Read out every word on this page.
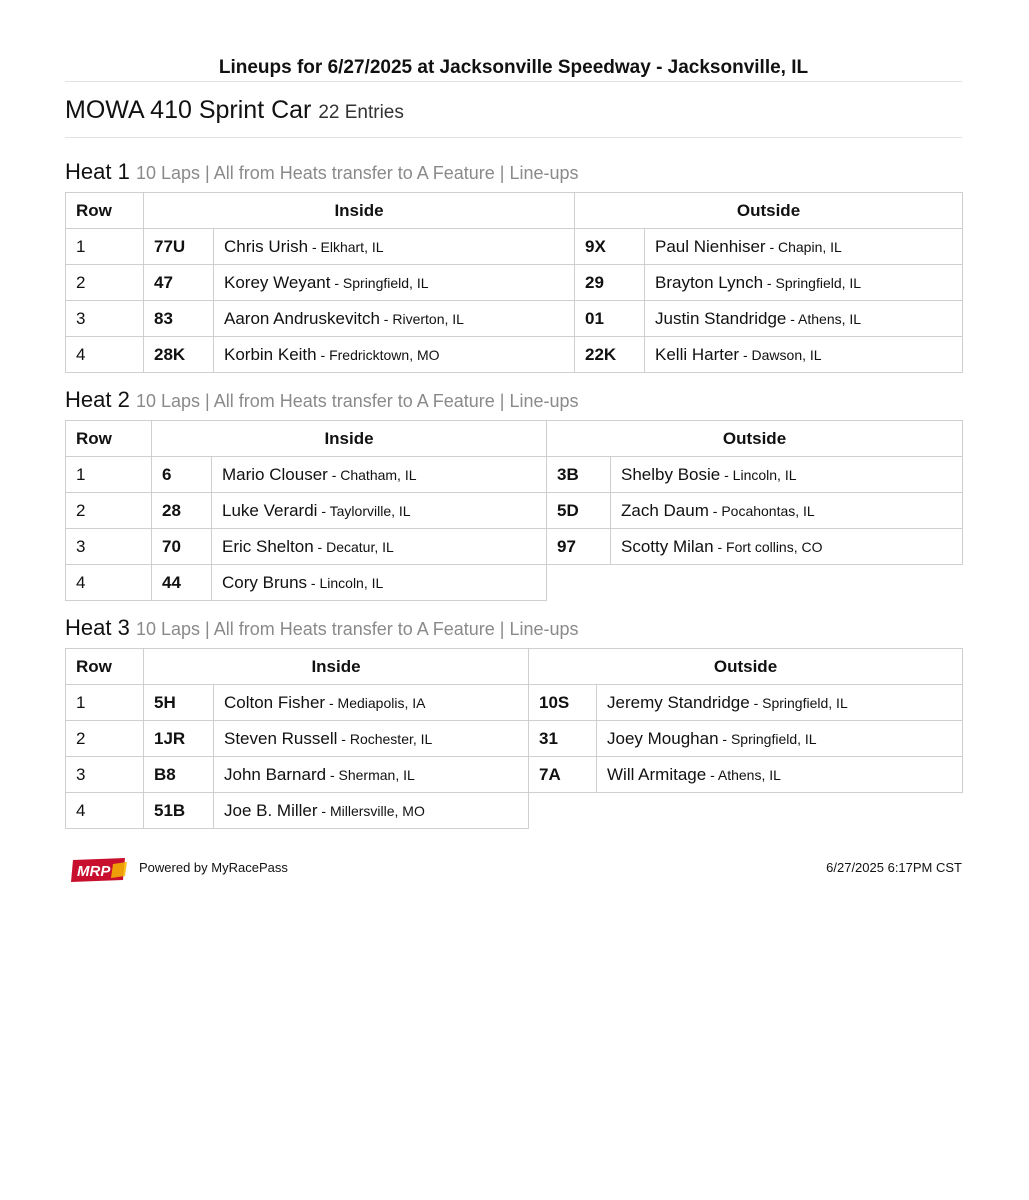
Lineups for 6/27/2025 at Jacksonville Speedway - Jacksonville, IL
MOWA 410 Sprint Car 22 Entries
Heat 1 10 Laps | All from Heats transfer to A Feature | Line-ups
Row	Inside		Outside	
1	77U	Chris Urish - Elkhart, IL	9X	Paul Nienhiser - Chapin, IL
2	47	Korey Weyant - Springfield, IL	29	Brayton Lynch - Springfield, IL
3	83	Aaron Andruskevitch - Riverton, IL	01	Justin Standridge - Athens, IL
4	28K	Korbin Keith - Fredricktown, MO	22K	Kelli Harter - Dawson, IL
Heat 2 10 Laps | All from Heats transfer to A Feature | Line-ups
Row	Inside		Outside	
1	6	Mario Clouser - Chatham, IL	3B	Shelby Bosie - Lincoln, IL
2	28	Luke Verardi - Taylorville, IL	5D	Zach Daum - Pocahontas, IL
3	70	Eric Shelton - Decatur, IL	97	Scotty Milan - Fort collins, CO
4	44	Cory Bruns - Lincoln, IL		
Heat 3 10 Laps | All from Heats transfer to A Feature | Line-ups
Row	Inside		Outside	
1	5H	Colton Fisher - Mediapolis, IA	10S	Jeremy Standridge - Springfield, IL
2	1JR	Steven Russell - Rochester, IL	31	Joey Moughan - Springfield, IL
3	B8	John Barnard - Sherman, IL	7A	Will Armitage - Athens, IL
4	51B	Joe B. Miller - Millersville, MO		
MRP Powered by MyRacePass	6/27/2025 6:17PM CST
